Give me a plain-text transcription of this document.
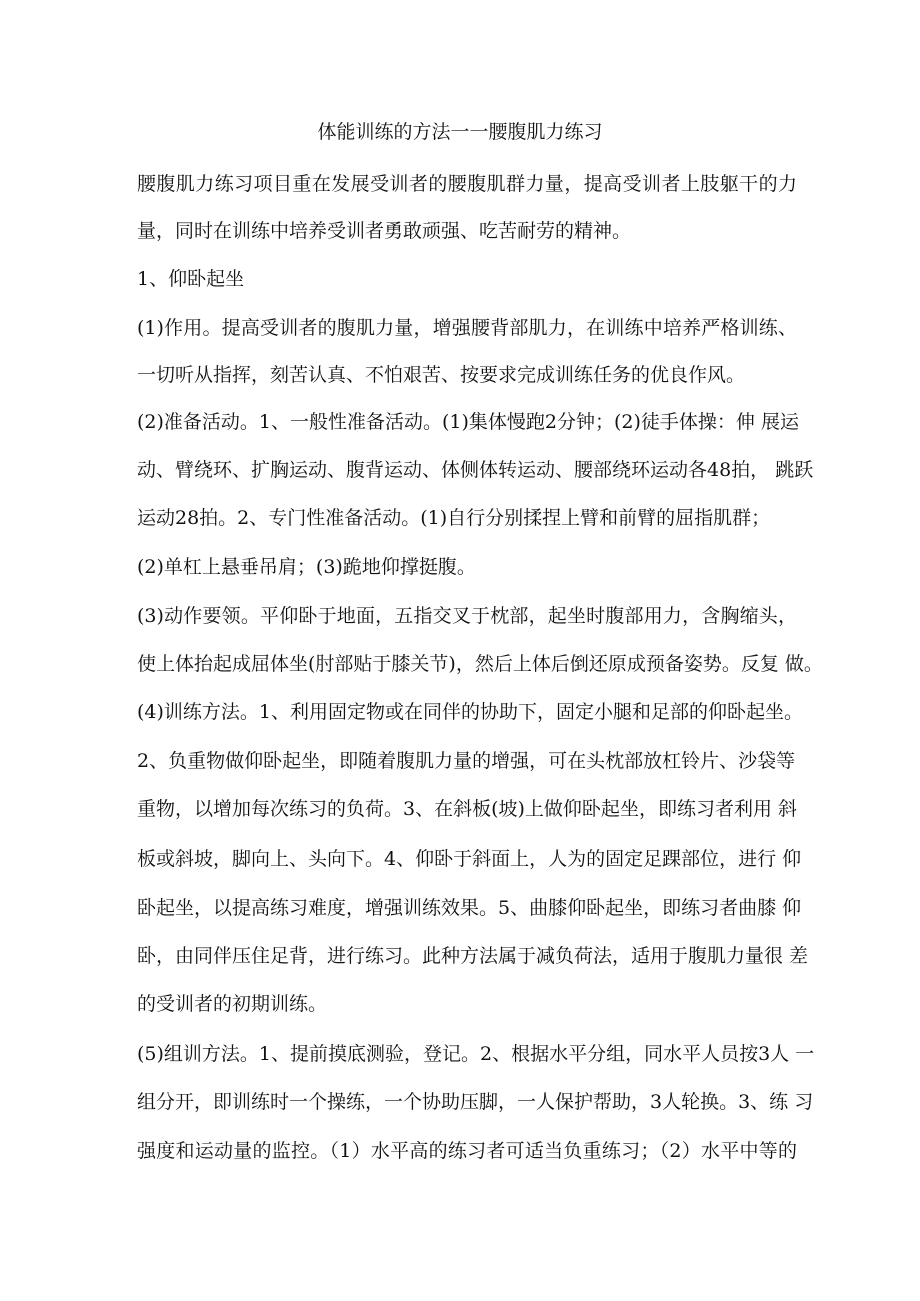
体能训练的方法一一腰腹肌力练习
腰腹肌力练习项目重在发展受训者的腰腹肌群力量，提高受训者上肢躯干的力
量，同时在训练中培养受训者勇敢顽强、吃苦耐劳的精神。
1、仰卧起坐
(1)作用。提高受训者的腹肌力量，增强腰背部肌力，在训练中培养严格训练、
一切听从指挥，刻苦认真、不怕艰苦、按要求完成训练任务的优良作风。
(2)准备活动。1、一般性准备活动。(1)集体慢跑2分钟；(2)徒手体操：伸 展运
动、臂绕环、扩胸运动、腹背运动、体侧体转运动、腰部绕环运动各48拍， 跳跃
运动28拍。2、专门性准备活动。(1)自行分别揉捏上臂和前臂的屈指肌群；
(2)单杠上悬垂吊肩；(3)跪地仰撑挺腹。
(3)动作要领。平仰卧于地面，五指交叉于枕部，起坐时腹部用力，含胸缩头，
使上体抬起成屈体坐(肘部贴于膝关节)，然后上体后倒还原成预备姿势。反复 做。
(4)训练方法。1、利用固定物或在同伴的协助下，固定小腿和足部的仰卧起坐。
2、负重物做仰卧起坐，即随着腹肌力量的增强，可在头枕部放杠铃片、沙袋等
重物，以增加每次练习的负荷。3、在斜板(坡)上做仰卧起坐，即练习者利用 斜
板或斜坡，脚向上、头向下。4、仰卧于斜面上，人为的固定足踝部位，进行 仰
卧起坐，以提高练习难度，增强训练效果。5、曲膝仰卧起坐，即练习者曲膝 仰
卧，由同伴压住足背，进行练习。此种方法属于减负荷法，适用于腹肌力量很 差
的受训者的初期训练。
(5)组训方法。1、提前摸底测验，登记。2、根据水平分组，同水平人员按3人 一
组分开，即训练时一个操练，一个协助压脚，一人保护帮助，3人轮换。3、练 习
强度和运动量的监控。（1）水平高的练习者可适当负重练习；（2）水平中等的
